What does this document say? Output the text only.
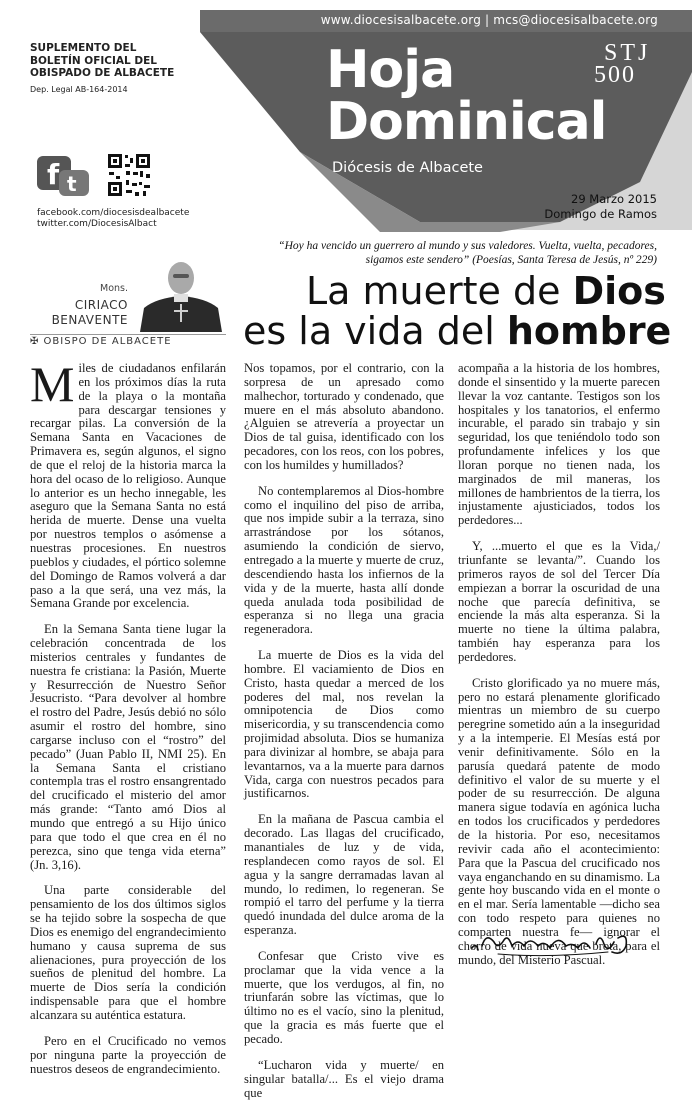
www.diocesisalbacete.org | mcs@diocesisalbacete.org
SUPLEMENTO DEL
BOLETÍN OFICIAL DEL
OBISPADO DE ALBACETE
Dep. Legal AB-164-2014	Hoja
Dominical
Diócesis de Albacete
STJ
500
29 Marzo 2015
Domingo de Ramos
f t
facebook.com/diocesisdealbacete
twitter.com/DiocesisAlbact
“Hoy ha vencido un guerrero al mundo y sus valedores. Vuelta, vuelta, pecadores,
sigamos este sendero” (Poesías, Santa Teresa de Jesús, nº 229)
Mons.
CIRIACO
BENAVENTE
✠ OBISPO DE ALBACETE
La muerte de Dios
es la vida del hombre

Miles de ciudadanos enfilarán en los próximos días la ruta de la playa o la montaña para descargar tensiones y recargar pilas. La conversión de la Semana Santa en Vacaciones de Primavera es, según algunos, el signo de que el reloj de la historia marca la hora del ocaso de lo religioso. Aunque lo anterior es un hecho innegable, les aseguro que la Semana Santa no está herida de muerte. Dense una vuelta por nuestros templos o asómense a nuestras procesiones. En nuestros pueblos y ciudades, el pórtico solemne del Domingo de Ramos volverá a dar paso a la que será, una vez más, la Semana Grande por excelencia.

En la Semana Santa tiene lugar la celebración concentrada de los misterios centrales y fundantes de nuestra fe cristiana: la Pasión, Muerte y Resurrección de Nuestro Señor Jesucristo. “Para devolver al hombre el rostro del Padre, Jesús debió no sólo asumir el rostro del hombre, sino cargarse incluso con el “rostro” del pecado” (Juan Pablo II, NMI 25). En la Semana Santa el cristiano contempla tras el rostro ensangrentado del crucificado el misterio del amor más grande: “Tanto amó Dios al mundo que entregó a su Hijo único para que todo el que crea en él no perezca, sino que tenga vida eterna” (Jn. 3,16).

Una parte considerable del pensamiento de los dos últimos siglos se ha tejido sobre la sospecha de que Dios es enemigo del engrandecimiento humano y causa suprema de sus alienaciones, pura proyección de los sueños de plenitud del hombre. La muerte de Dios sería la condición indispensable para que el hombre alcanzara su auténtica estatura.

Pero en el Crucificado no vemos por ninguna parte la proyección de nuestros deseos de engrandecimiento.

Nos topamos, por el contrario, con la sorpresa de un apresado como malhechor, torturado y condenado, que muere en el más absoluto abandono. ¿Alguien se atrevería a proyectar un Dios de tal guisa, identificado con los pecadores, con los reos, con los pobres, con los humildes y humillados?

No contemplaremos al Dios-hombre como el inquilino del piso de arriba, que nos impide subir a la terraza, sino arrastrándose por los sótanos, asumiendo la condición de siervo, entregado a la muerte y muerte de cruz, descendiendo hasta los infiernos de la vida y de la muerte, hasta allí donde queda anulada toda posibilidad de esperanza si no llega una gracia regeneradora.

La muerte de Dios es la vida del hombre. El vaciamiento de Dios en Cristo, hasta quedar a merced de los poderes del mal, nos revelan la omnipotencia de Dios como misericordia, y su transcendencia como projimidad absoluta. Dios se humaniza para divinizar al hombre, se abaja para levantarnos, va a la muerte para darnos Vida, carga con nuestros pecados para justificarnos.

En la mañana de Pascua cambia el decorado. Las llagas del crucificado, manantiales de luz y de vida, resplandecen como rayos de sol. El agua y la sangre derramadas lavan al mundo, lo redimen, lo regeneran. Se rompió el tarro del perfume y la tierra quedó inundada del dulce aroma de la esperanza.

Confesar que Cristo vive es proclamar que la vida vence a la muerte, que los verdugos, al fin, no triunfarán sobre las víctimas, que lo último no es el vacío, sino la plenitud, que la gracia es más fuerte que el pecado.

“Lucharon vida y muerte/ en singular batalla/... Es el viejo drama que

acompaña a la historia de los hombres, donde el sinsentido y la muerte parecen llevar la voz cantante. Testigos son los hospitales y los tanatorios, el enfermo incurable, el parado sin trabajo y sin seguridad, los que teniéndolo todo son profundamente infelices y los que lloran porque no tienen nada, los marginados de mil maneras, los millones de hambrientos de la tierra, los injustamente ajusticiados, todos los perdedores...

Y, ...muerto el que es la Vida,/ triunfante se levanta/”. Cuando los primeros rayos de sol del Tercer Día empiezan a borrar la oscuridad de una noche que parecía definitiva, se enciende la más alta esperanza. Si la muerte no tiene la última palabra, también hay esperanza para los perdedores.

Cristo glorificado ya no muere más, pero no estará plenamente glorificado mientras un miembro de su cuerpo peregrine sometido aún a la inseguridad y a la intemperie. El Mesías está por venir definitivamente. Sólo en la parusía quedará patente de modo definitivo el valor de su muerte y el poder de su resurrección. De alguna manera sigue todavía en agónica lucha en todos los crucificados y perdedores de la historia. Por eso, necesitamos revivir cada año el acontecimiento: Para que la Pascua del crucificado nos vaya enganchando en su dinamismo. La gente hoy buscando vida en el monte o en el mar. Sería lamentable —dicho sea con todo respeto para quienes no comparten nuestra fe— ignorar el chorro de vida nueva que brota, para el mundo, del Misterio Pascual.
